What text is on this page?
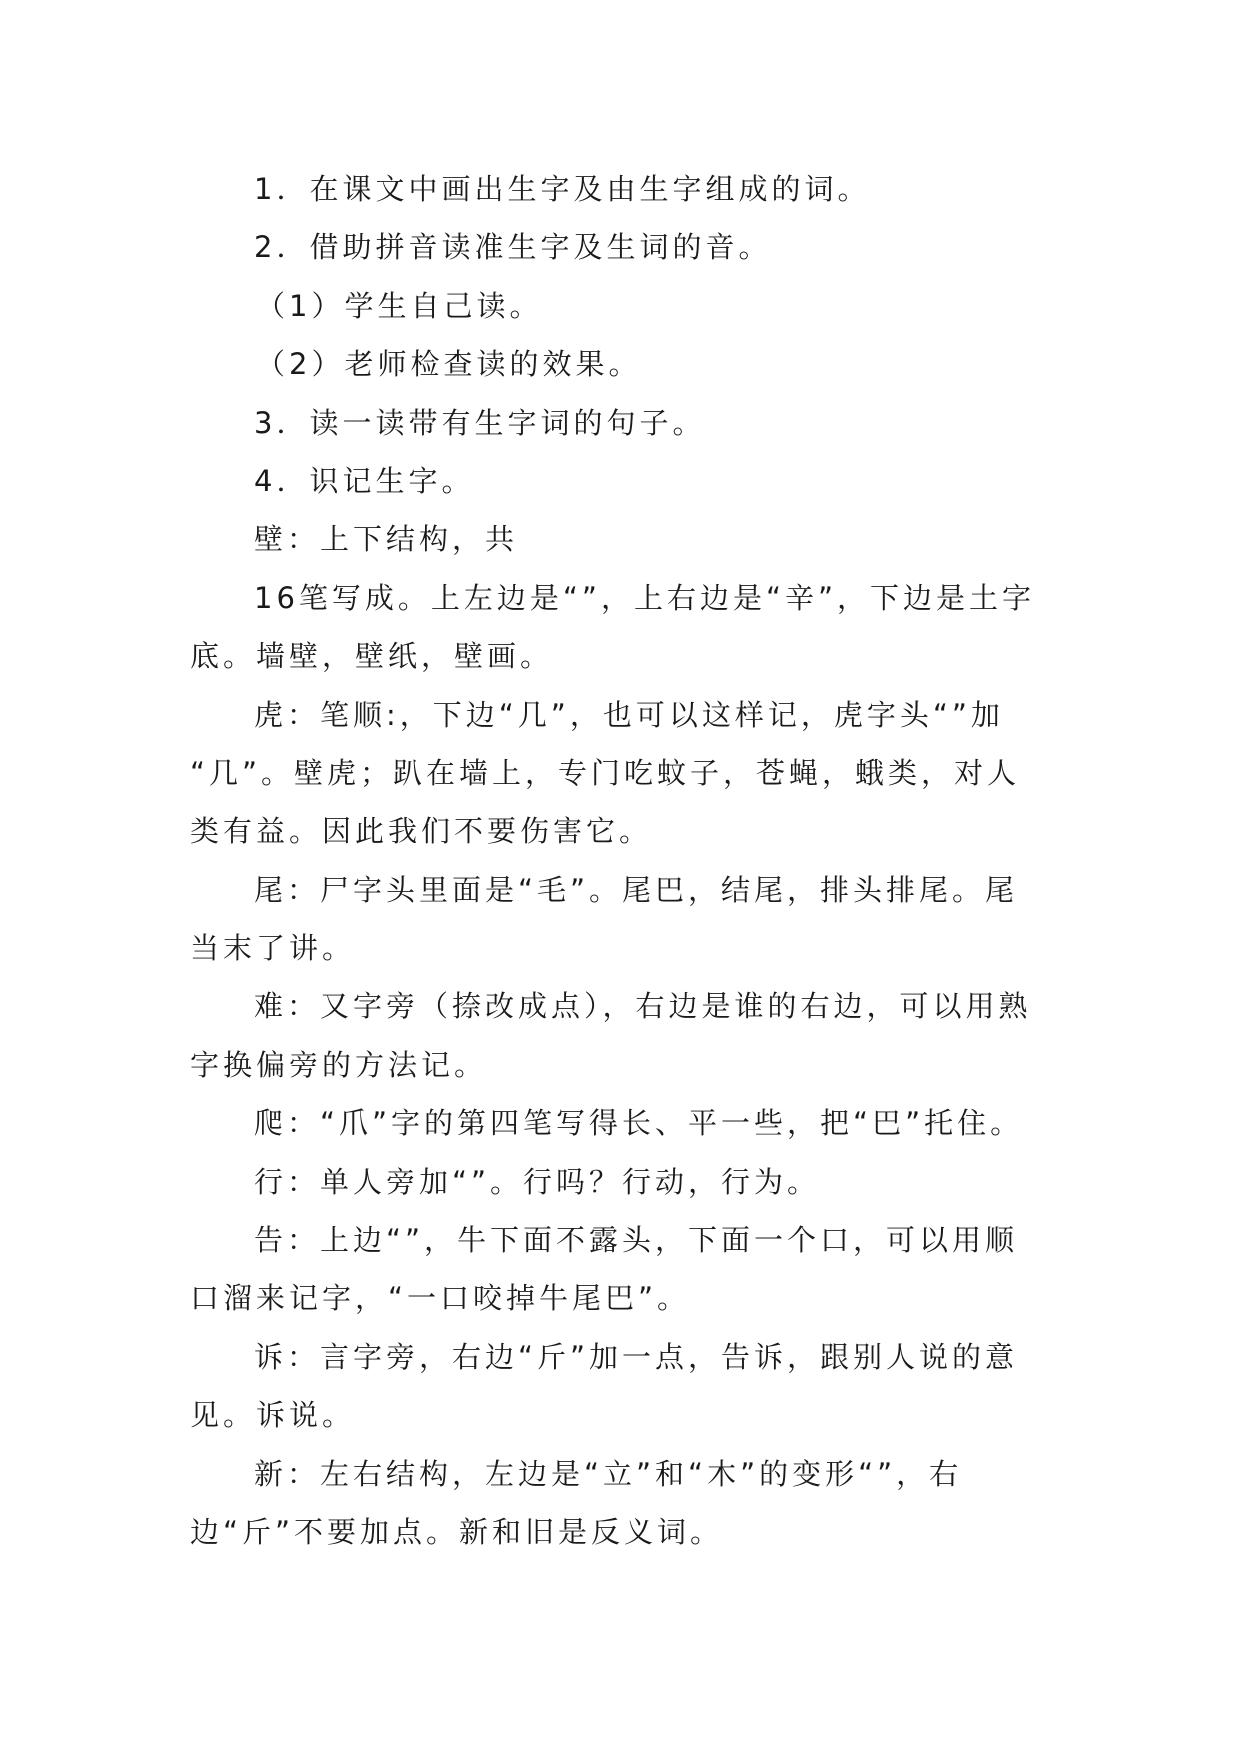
1．在课文中画出生字及由生字组成的词。
2．借助拼音读准生字及生词的音。
（1）学生自己读。
（2）老师检查读的效果。
3．读一读带有生字词的句子。
4．识记生字。
壁：上下结构，共
16笔写成。上左边是“”，上右边是“辛”，下边是土字
底。墙壁，壁纸，壁画。
虎：笔顺:，下边“几”，也可以这样记，虎字头“”加
“几”。壁虎；趴在墙上，专门吃蚊子，苍蝇，蛾类，对人
类有益。因此我们不要伤害它。
尾：尸字头里面是“毛”。尾巴，结尾，排头排尾。尾
当末了讲。
难：又字旁（捺改成点），右边是谁的右边，可以用熟
字换偏旁的方法记。
爬：“爪”字的第四笔写得长、平一些，把“巴”托住。
行：单人旁加“”。行吗？行动，行为。
告：上边“”，牛下面不露头，下面一个口，可以用顺
口溜来记字，“一口咬掉牛尾巴”。
诉：言字旁，右边“斤”加一点，告诉，跟别人说的意
见。诉说。
新：左右结构，左边是“立”和“木”的变形“”，右
边“斤”不要加点。新和旧是反义词。
